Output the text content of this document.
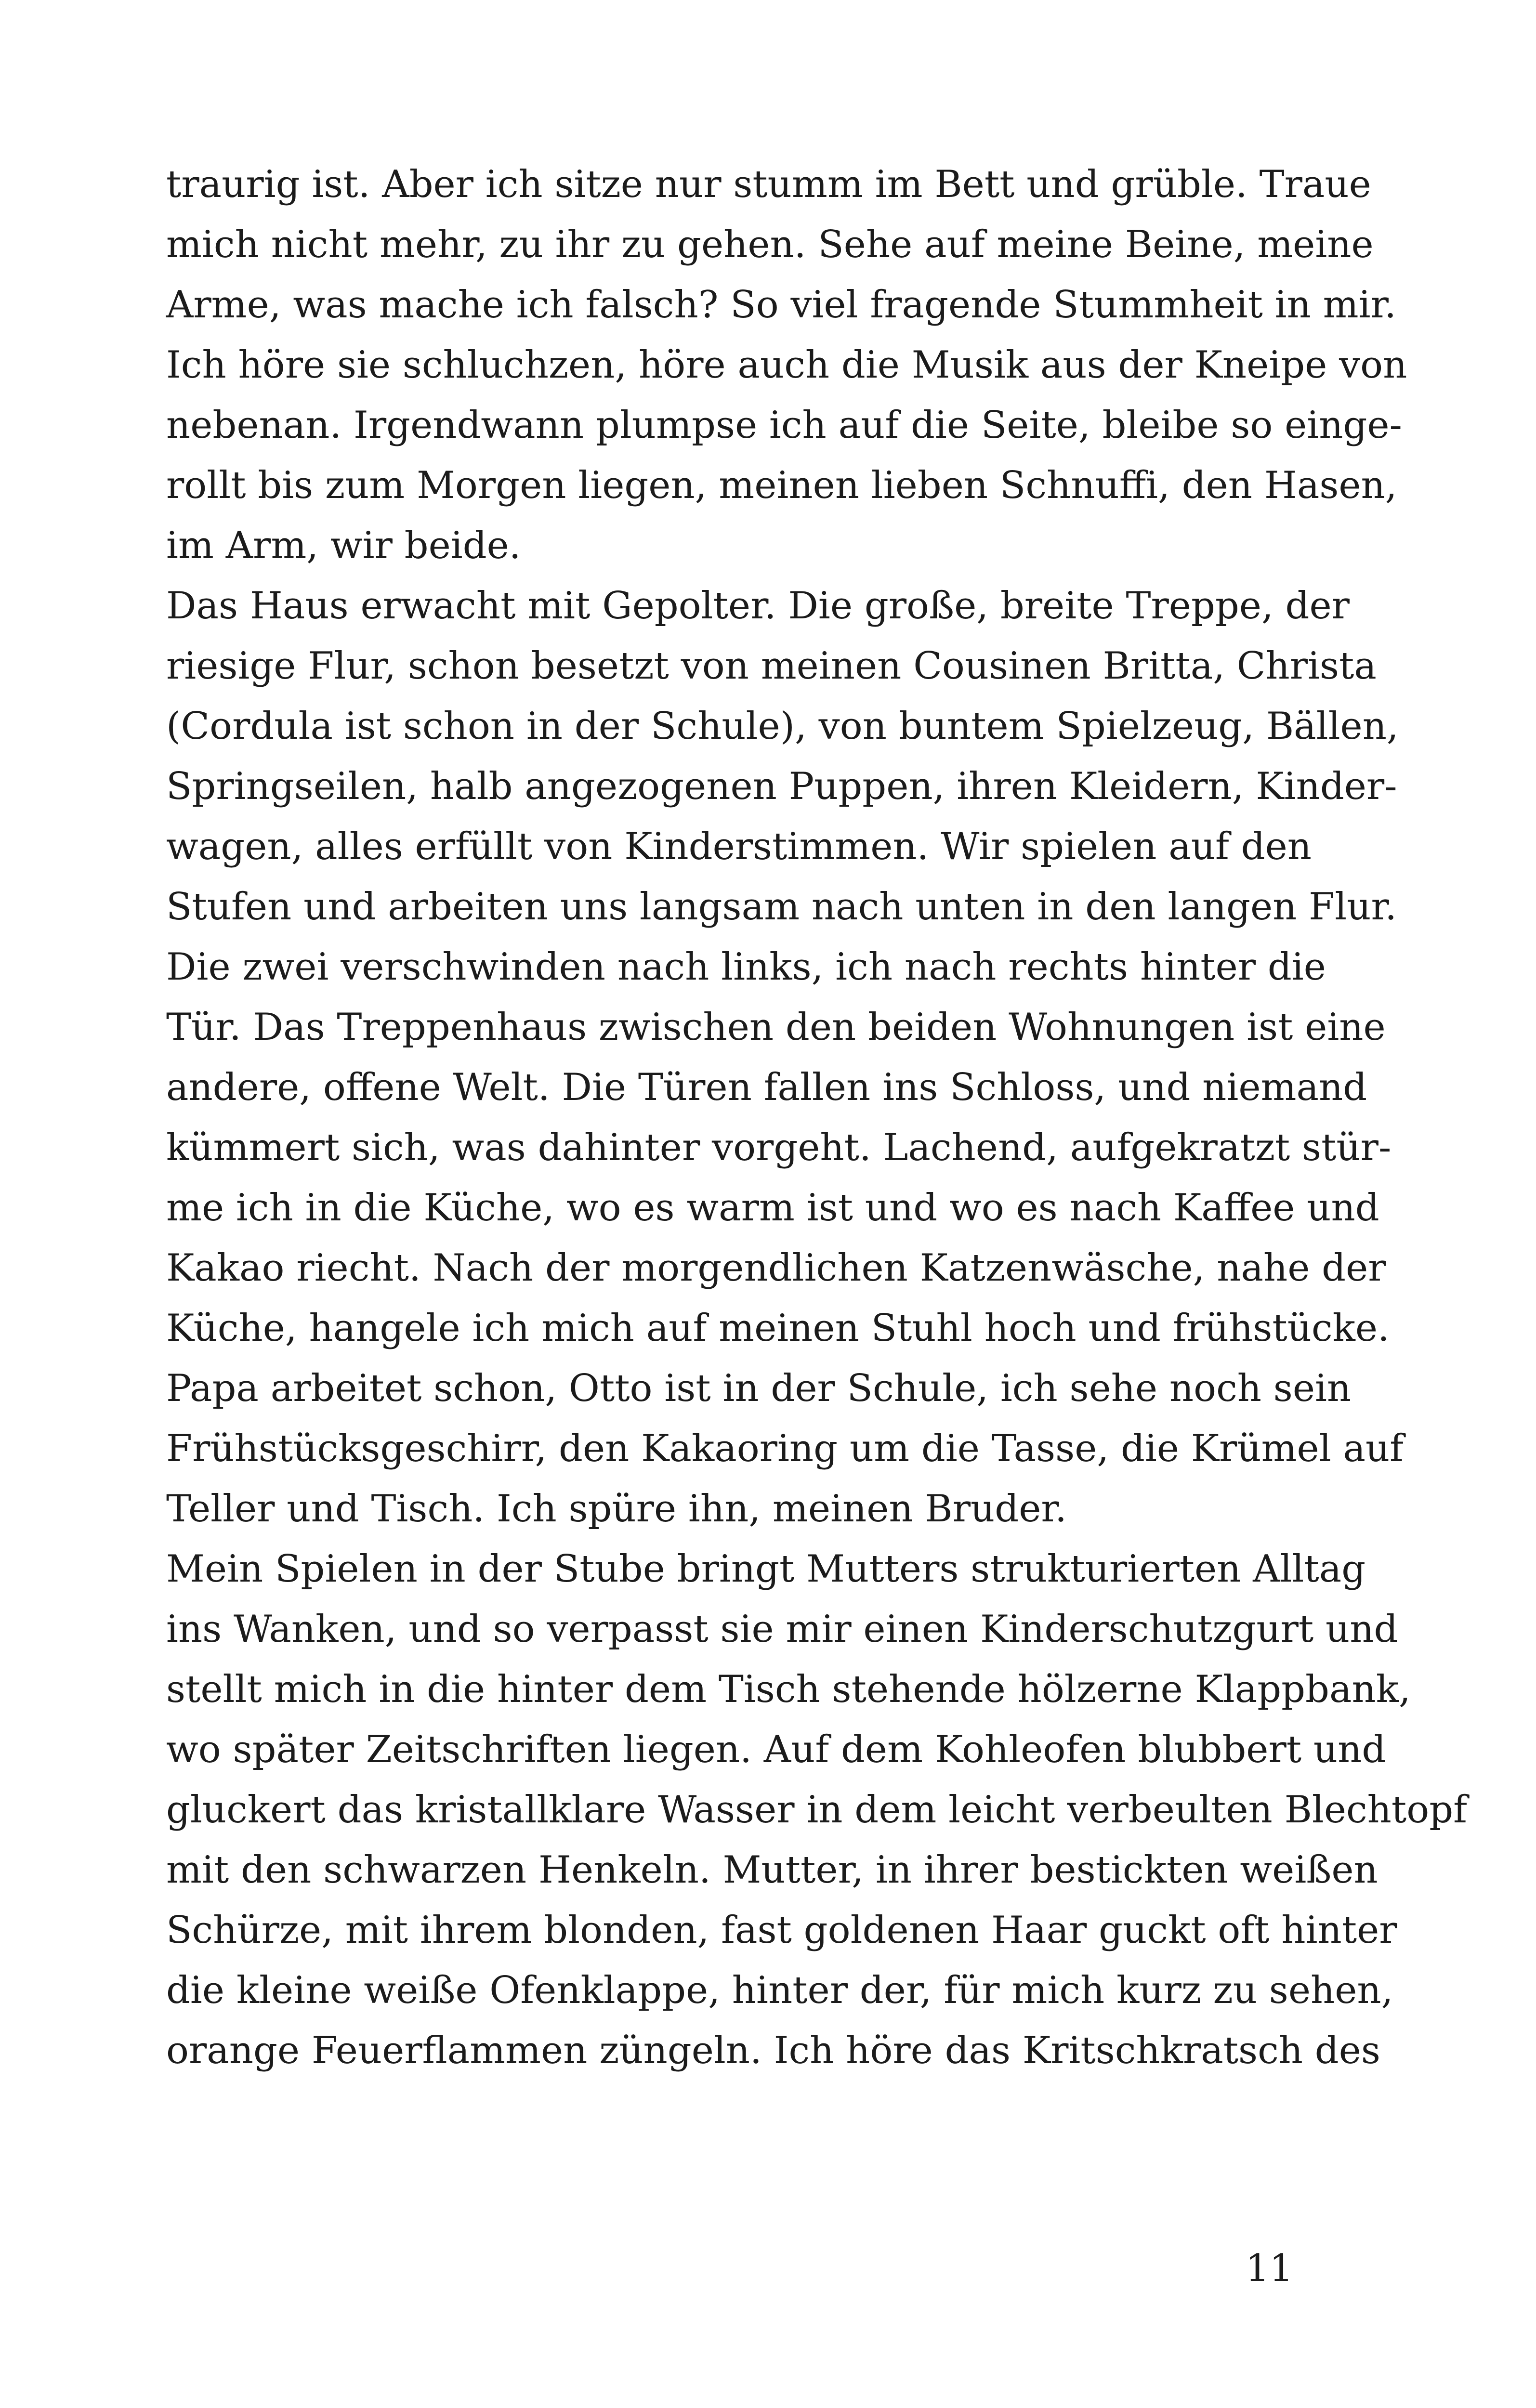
traurig ist. Aber ich sitze nur stumm im Bett und grüble. Traue
mich nicht mehr, zu ihr zu gehen. Sehe auf meine Beine, meine
Arme, was mache ich falsch? So viel fragende Stummheit in mir.
Ich höre sie schluchzen, höre auch die Musik aus der Kneipe von
nebenan. Irgendwann plumpse ich auf die Seite, bleibe so einge-
rollt bis zum Morgen liegen, meinen lieben Schnuffi, den Hasen,
im Arm, wir beide.
Das Haus erwacht mit Gepolter. Die große, breite Treppe, der
riesige Flur, schon besetzt von meinen Cousinen Britta, Christa
(Cordula ist schon in der Schule), von buntem Spielzeug, Bällen,
Springseilen, halb angezogenen Puppen, ihren Kleidern, Kinder-
wagen, alles erfüllt von Kinderstimmen. Wir spielen auf den
Stufen und arbeiten uns langsam nach unten in den langen Flur.
Die zwei verschwinden nach links, ich nach rechts hinter die
Tür. Das Treppenhaus zwischen den beiden Wohnungen ist eine
andere, offene Welt. Die Türen fallen ins Schloss, und niemand
kümmert sich, was dahinter vorgeht. Lachend, aufgekratzt stür-
me ich in die Küche, wo es warm ist und wo es nach Kaffee und
Kakao riecht. Nach der morgendlichen Katzenwäsche, nahe der
Küche, hangele ich mich auf meinen Stuhl hoch und frühstücke.
Papa arbeitet schon, Otto ist in der Schule, ich sehe noch sein
Frühstücksgeschirr, den Kakaoring um die Tasse, die Krümel auf
Teller und Tisch. Ich spüre ihn, meinen Bruder.
Mein Spielen in der Stube bringt Mutters strukturierten Alltag
ins Wanken, und so verpasst sie mir einen Kinderschutzgurt und
stellt mich in die hinter dem Tisch stehende hölzerne Klappbank,
wo später Zeitschriften liegen. Auf dem Kohleofen blubbert und
gluckert das kristallklare Wasser in dem leicht verbeulten Blechtopf
mit den schwarzen Henkeln. Mutter, in ihrer bestickten weißen
Schürze, mit ihrem blonden, fast goldenen Haar guckt oft hinter
die kleine weiße Ofenklappe, hinter der, für mich kurz zu sehen,
orange Feuerflammen züngeln. Ich höre das Kritschkratsch des
11
